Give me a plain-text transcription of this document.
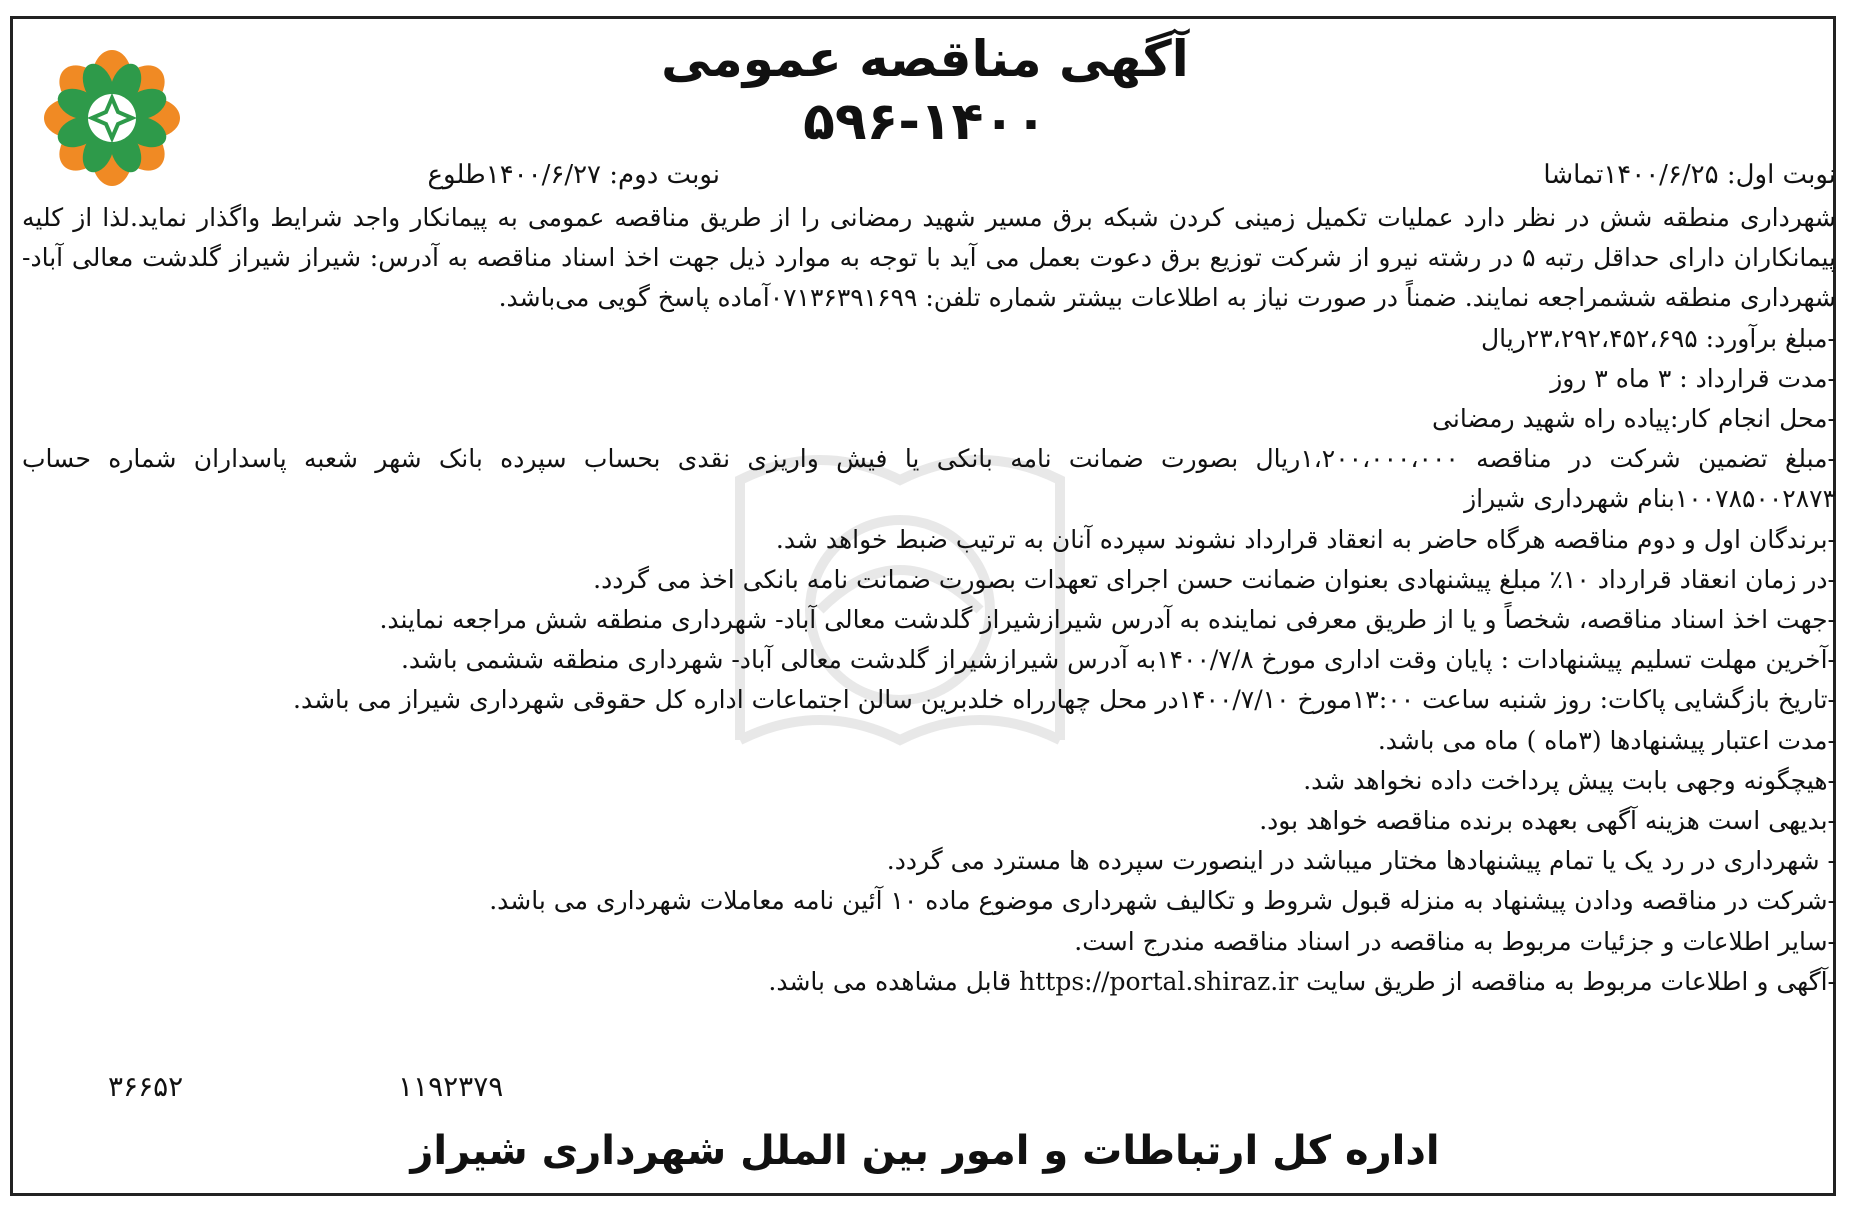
آگهی مناقصه عمومی
۵۹۶-۱۴۰۰
نوبت اول: ۱۴۰۰/۶/۲۵تماشا
نوبت دوم: ۱۴۰۰/۶/۲۷طلوع

شهرداری منطقه شش در نظر دارد عملیات تکمیل زمینی کردن شبکه برق مسیر شهید رمضانی را از طریق مناقصه عمومی به پیمانکار واجد شرایط واگذار نماید.لذا از کلیه پیمانکاران دارای حداقل رتبه ۵ در رشته نیرو از شرکت توزیع برق دعوت بعمل می آید با توجه به موارد ذیل جهت اخذ اسناد مناقصه به آدرس: شیراز شیراز گلدشت معالی آباد- شهرداری منطقه ششمراجعه نمایند. ضمناً در صورت نیاز به اطلاعات بیشتر شماره تلفن: ۰۷۱۳۶۳۹۱۶۹۹آماده پاسخ گویی می‌باشد.

-مبلغ برآورد: ۲۳،۲۹۲،۴۵۲،۶۹۵ریال

-مدت قرارداد : ۳ ماه ۳ روز

-محل انجام کار:پیاده راه شهید رمضانی

-مبلغ تضمین شرکت در مناقصه ۱،۲۰۰،۰۰۰،۰۰۰ریال بصورت ضمانت نامه بانکی یا فیش واریزی نقدی بحساب سپرده بانک شهر شعبه پاسداران شماره حساب ۱۰۰۷۸۵۰۰۲۸۷۳بنام شهرداری شیراز

-برندگان اول و دوم مناقصه هرگاه حاضر به انعقاد قرارداد نشوند سپرده آنان به ترتیب ضبط خواهد شد.

-در زمان انعقاد قرارداد ۱۰٪ مبلغ پیشنهادی بعنوان ضمانت حسن اجرای تعهدات بصورت ضمانت نامه بانکی اخذ می گردد.

-جهت اخذ اسناد مناقصه، شخصاً و یا از طریق معرفی نماینده به آدرس شیرازشیراز گلدشت معالی آباد- شهرداری منطقه شش مراجعه نمایند.

-آخرین مهلت تسلیم پیشنهادات : پایان وقت اداری مورخ ۱۴۰۰/۷/۸به آدرس شیرازشیراز گلدشت معالی آباد- شهرداری منطقه ششمی باشد.

-تاریخ بازگشایی پاکات: روز شنبه ساعت ۱۳:۰۰مورخ ۱۴۰۰/۷/۱۰در محل چهارراه خلدبرین سالن اجتماعات اداره کل حقوقی شهرداری شیراز می باشد.

-مدت اعتبار پیشنهادها (۳ماه ) ماه می باشد.

-هیچگونه وجهی بابت پیش پرداخت داده نخواهد شد.

-بدیهی است هزینه آگهی بعهده برنده مناقصه خواهد بود.

- شهرداری در رد یک یا تمام پیشنهادها مختار میباشد در اینصورت سپرده ها مسترد می گردد.

-شرکت در مناقصه ودادن پیشنهاد به منزله قبول شروط و تکالیف شهرداری موضوع ماده ۱۰ آئین نامه معاملات شهرداری می باشد.

-سایر اطلاعات و جزئیات مربوط به مناقصه در اسناد مناقصه مندرج است.

-آگهی و اطلاعات مربوط به مناقصه از طریق سایت https://portal.shiraz.ir قابل مشاهده می باشد.

۱۱۹۲۳۷۹
۳۶۶۵۲
اداره کل ارتباطات و امور بین الملل شهرداری شیراز
